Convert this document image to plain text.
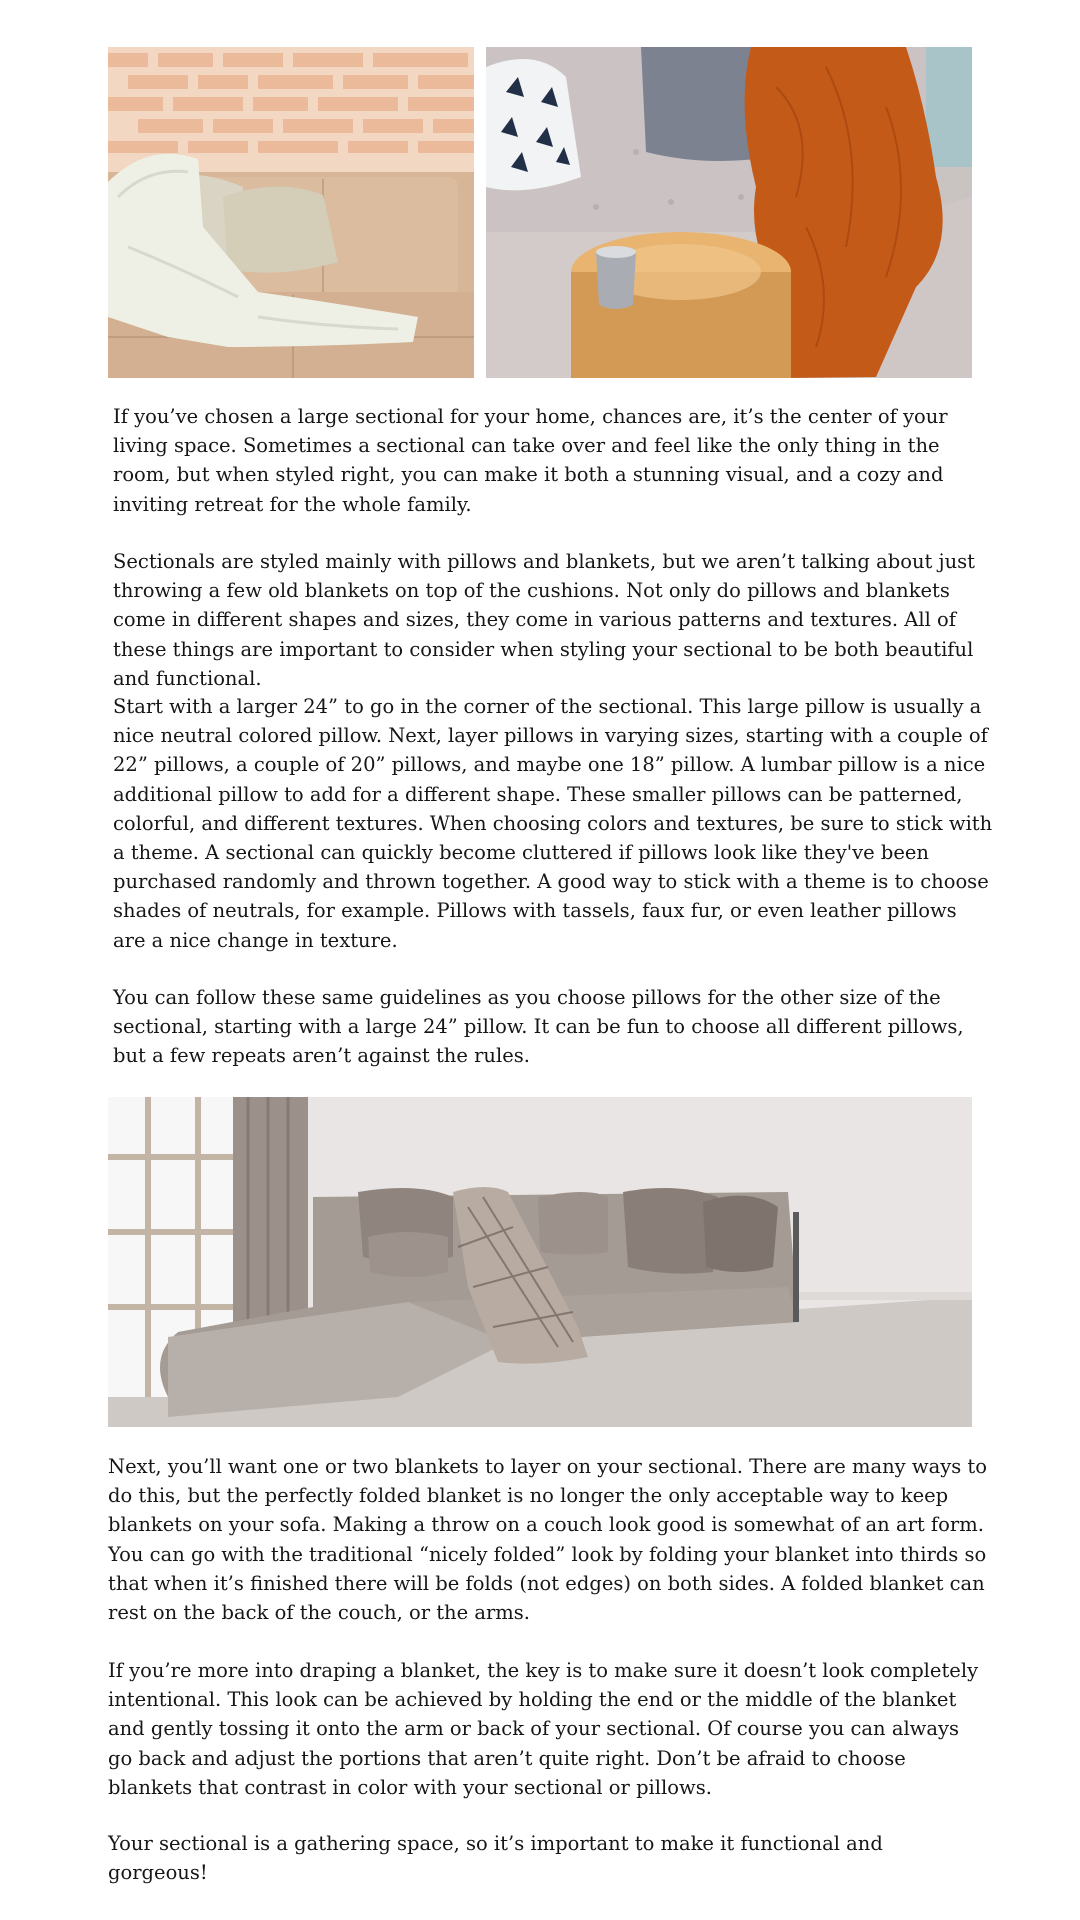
If you’ve chosen a large sectional for your home, chances are, it’s the center of your living space. Sometimes a sectional can take over and feel like the only thing in the room, but when styled right, you can make it both a stunning visual, and a cozy and inviting retreat for the whole family.

Sectionals are styled mainly with pillows and blankets, but we aren’t talking about just throwing a few old blankets on top of the cushions. Not only do pillows and blankets come in different shapes and sizes, they come in various patterns and textures. All of these things are important to consider when styling your sectional to be both beautiful and functional.

Start with a larger 24” to go in the corner of the sectional. This large pillow is usually a nice neutral colored pillow. Next, layer pillows in varying sizes, starting with a couple of 22” pillows, a couple of 20” pillows, and maybe one 18” pillow. A lumbar pillow is a nice additional pillow to add for a different shape. These smaller pillows can be patterned, colorful, and different textures. When choosing colors and textures, be sure to stick with a theme. A sectional can quickly become cluttered if pillows look like they've been purchased randomly and thrown together. A good way to stick with a theme is to choose shades of neutrals, for example. Pillows with tassels, faux fur, or even leather pillows are a nice change in texture.

You can follow these same guidelines as you choose pillows for the other size of the sectional, starting with a large 24” pillow. It can be fun to choose all different pillows, but a few repeats aren’t against the rules.

Next, you’ll want one or two blankets to layer on your sectional. There are many ways to do this, but the perfectly folded blanket is no longer the only acceptable way to keep blankets on your sofa. Making a throw on a couch look good is somewhat of an art form. You can go with the traditional “nicely folded” look by folding your blanket into thirds so that when it’s finished there will be folds (not edges) on both sides. A folded blanket can rest on the back of the couch, or the arms.

If you’re more into draping a blanket, the key is to make sure it doesn’t look completely intentional. This look can be achieved by holding the end or the middle of the blanket and gently tossing it onto the arm or back of your sectional. Of course you can always go back and adjust the portions that aren’t quite right. Don’t be afraid to choose blankets that contrast in color with your sectional or pillows.

Your sectional is a gathering space, so it’s important to make it functional and gorgeous!
